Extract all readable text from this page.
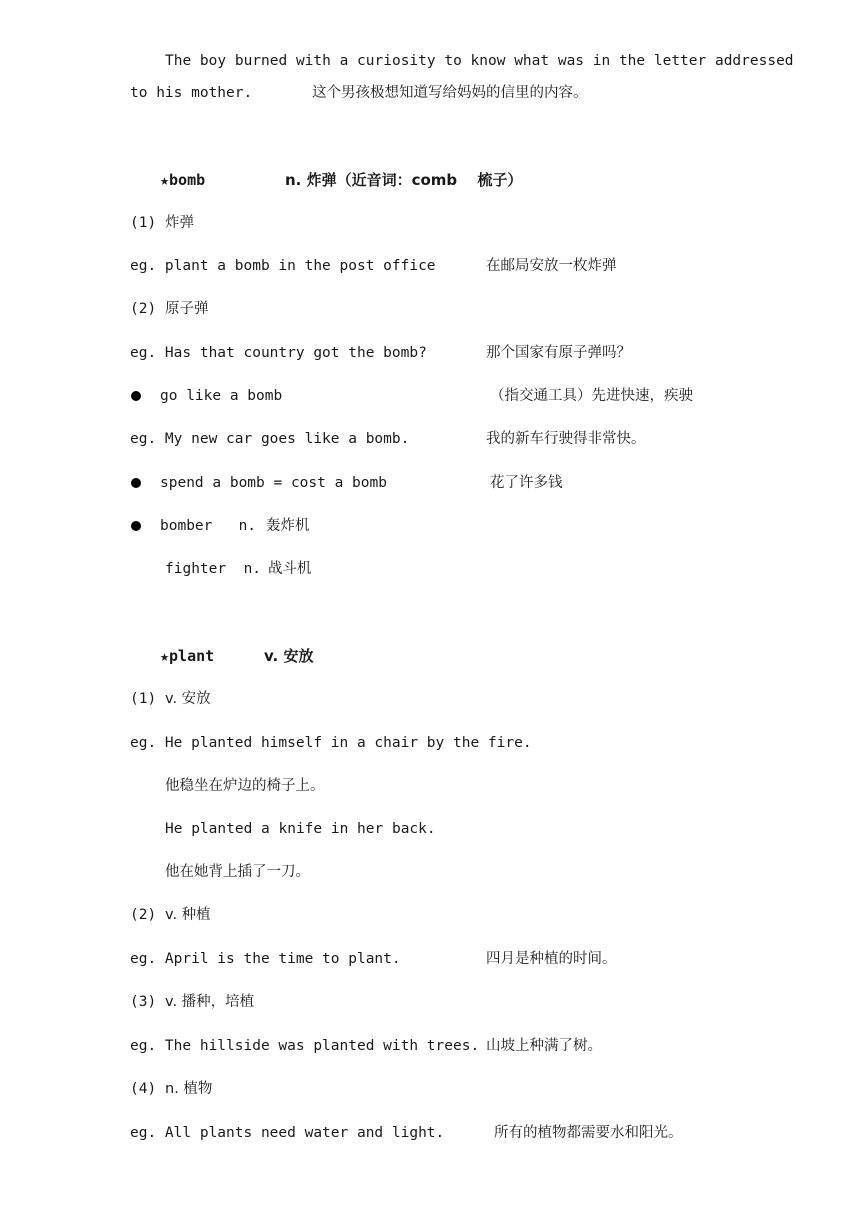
The boy burned with a curiosity to know what was in the letter addressed
to his mother.	这个男孩极想知道写给妈妈的信里的内容。
★bomb	n. 炸弹（近音词：comb　 梳子）
(1) 炸弹
eg. plant a bomb in the post office	在邮局安放一枚炸弹
(2) 原子弹
eg. Has that country got the bomb?	那个国家有原子弹吗？
go like a bomb	（指交通工具）先进快速，疾驶
eg. My new car goes like a bomb.	我的新车行驶得非常快。
spend a bomb = cost a bomb	花了许多钱
bomber   n. 轰炸机
fighter  n. 战斗机
★plant	v. 安放
(1) v. 安放
eg. He planted himself in a chair by the fire.
他稳坐在炉边的椅子上。
He planted a knife in her back.
他在她背上插了一刀。
(2) v. 种植
eg. April is the time to plant.	四月是种植的时间。
(3) v. 播种，培植
eg. The hillside was planted with trees. 山坡上种满了树。
(4) n. 植物
eg. All plants need water and light.	所有的植物都需要水和阳光。
